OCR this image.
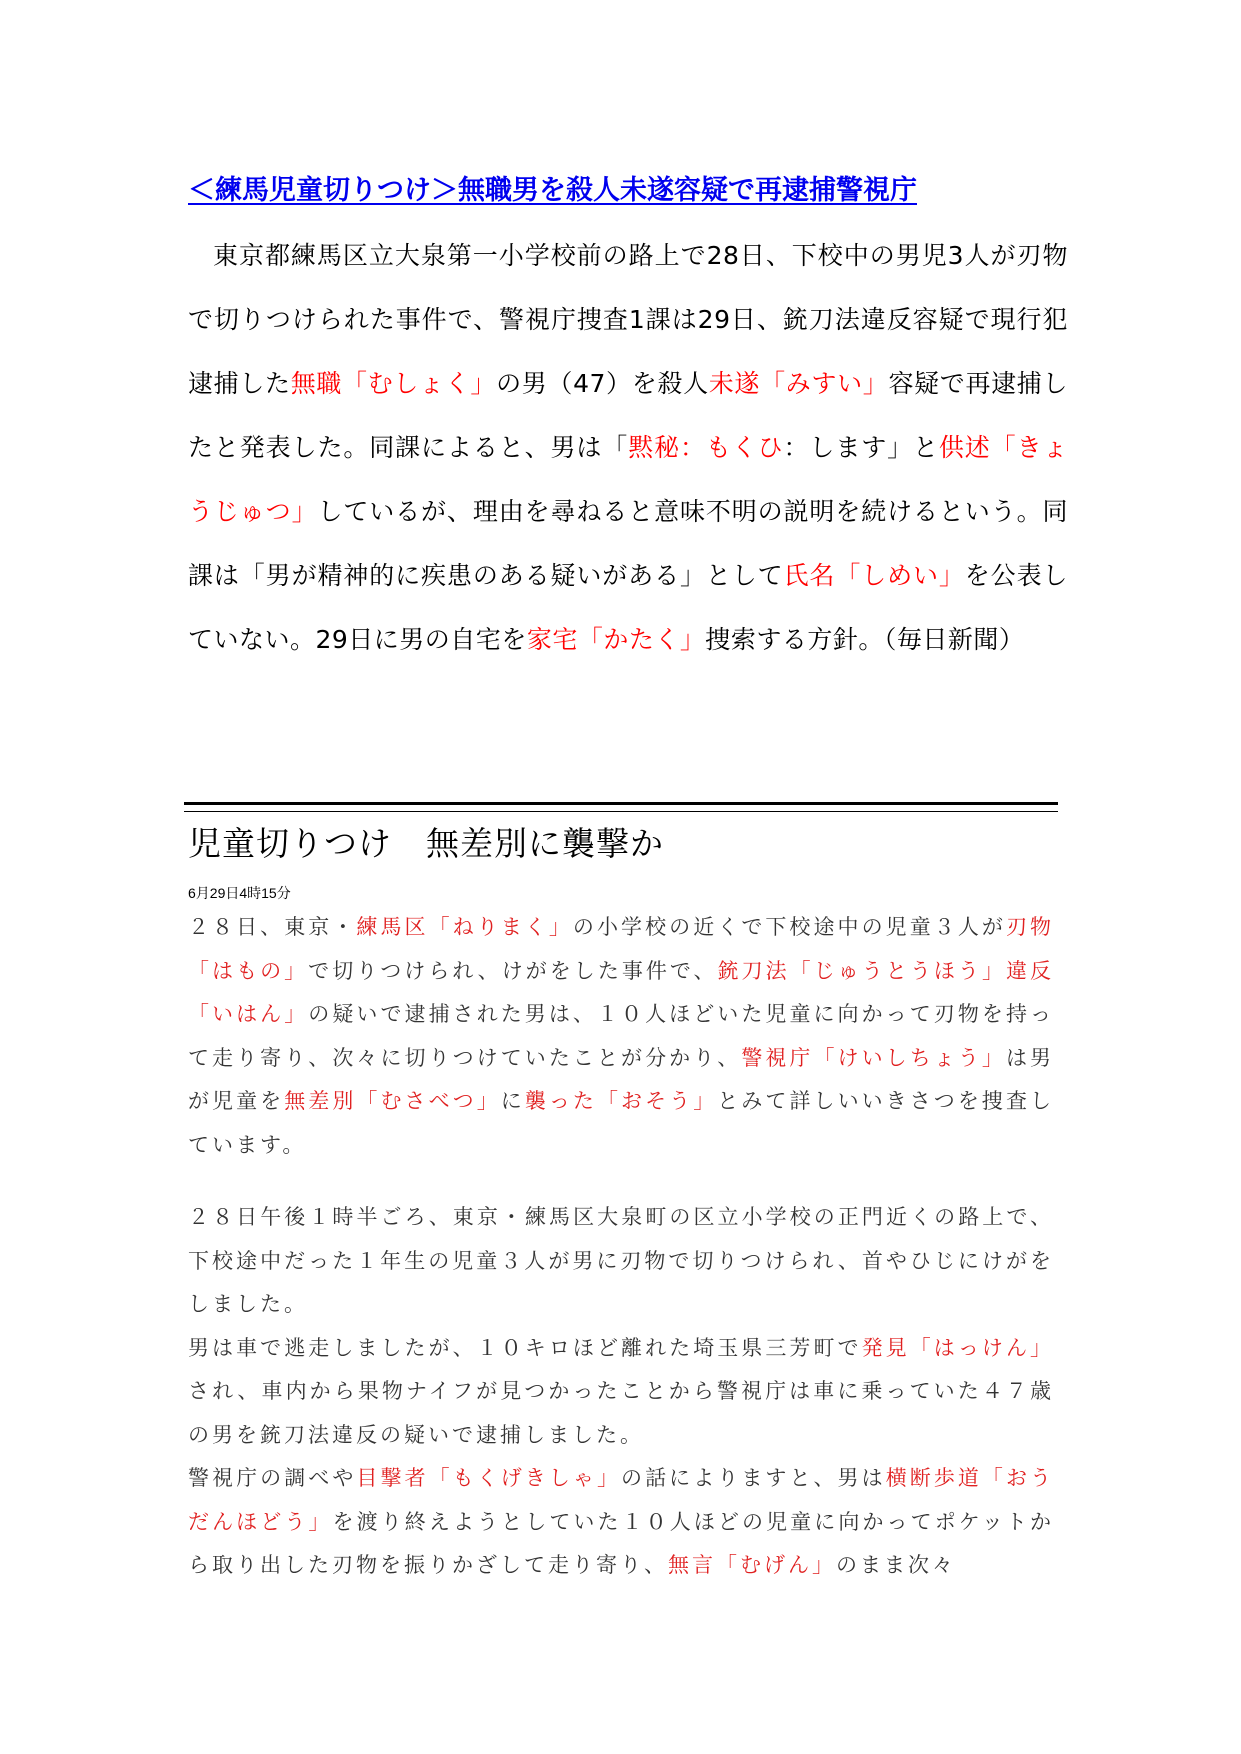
＜練馬児童切りつけ＞無職男を殺人未遂容疑で再逮捕警視庁

東京都練馬区立大泉第一小学校前の路上で28日、下校中の男児3人が刃物で切りつけられた事件で、警視庁捜査1課は29日、銃刀法違反容疑で現行犯逮捕した無職「むしょく」の男（47）を殺人未遂「みすい」容疑で再逮捕したと発表した。同課によると、男は「黙秘：もくひ：します」と供述「きょうじゅつ」しているが、理由を尋ねると意味不明の説明を続けるという。同課は「男が精神的に疾患のある疑いがある」として氏名「しめい」を公表していない。29日に男の自宅を家宅「かたく」捜索する方針。（毎日新聞）

児童切りつけ　無差別に襲撃か
6月29日4時15分

２８日、東京・練馬区「ねりまく」の小学校の近くで下校途中の児童３人が刃物「はもの」で切りつけられ、けがをした事件で、銃刀法「じゅうとうほう」違反「いはん」の疑いで逮捕された男は、１０人ほどいた児童に向かって刃物を持って走り寄り、次々に切りつけていたことが分かり、警視庁「けいしちょう」は男が児童を無差別「むさべつ」に襲った「おそう」とみて詳しいいきさつを捜査しています。

２８日午後１時半ごろ、東京・練馬区大泉町の区立小学校の正門近くの路上で、下校途中だった１年生の児童３人が男に刃物で切りつけられ、首やひじにけがをしました。

男は車で逃走しましたが、１０キロほど離れた埼玉県三芳町で発見「はっけん」され、車内から果物ナイフが見つかったことから警視庁は車に乗っていた４７歳の男を銃刀法違反の疑いで逮捕しました。

警視庁の調べや目撃者「もくげきしゃ」の話によりますと、男は横断歩道「おうだんほどう」を渡り終えようとしていた１０人ほどの児童に向かってポケットから取り出した刃物を振りかざして走り寄り、無言「むげん」のまま次々
